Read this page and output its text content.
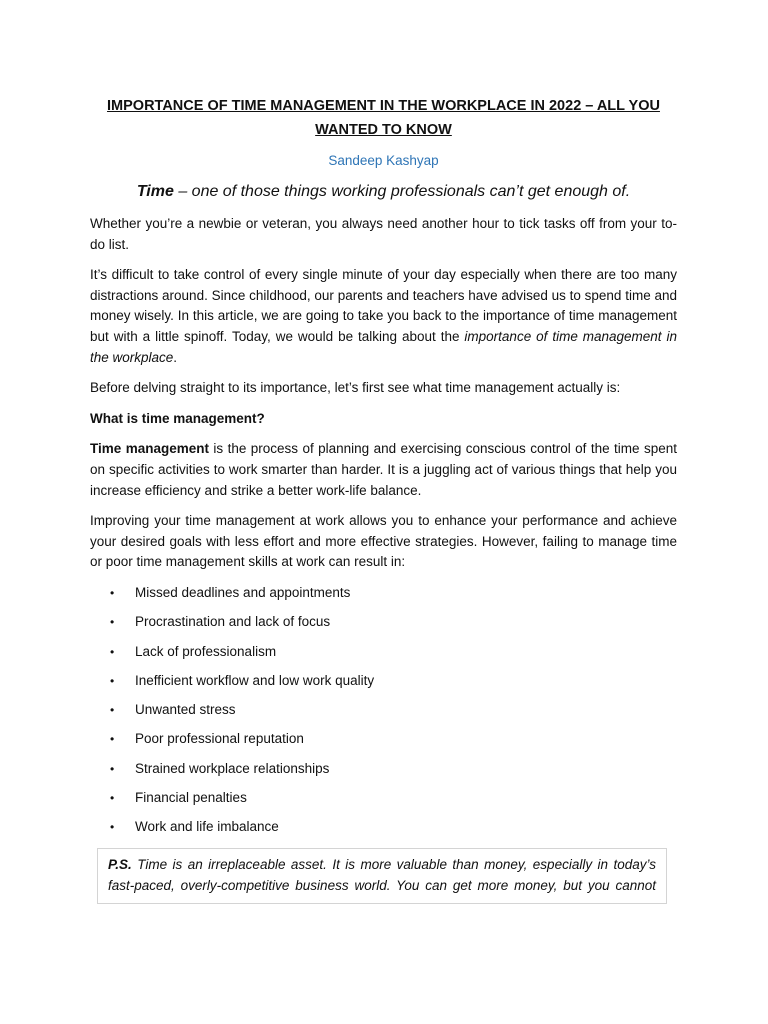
IMPORTANCE OF TIME MANAGEMENT IN THE WORKPLACE IN 2022 – ALL YOU WANTED TO KNOW
Sandeep Kashyap
Time – one of those things working professionals can’t get enough of.

Whether you’re a newbie or veteran, you always need another hour to tick tasks off from your to-do list.

It’s difficult to take control of every single minute of your day especially when there are too many distractions around. Since childhood, our parents and teachers have advised us to spend time and money wisely. In this article, we are going to take you back to the importance of time management but with a little spinoff. Today, we would be talking about the importance of time management in the workplace.

Before delving straight to its importance, let’s first see what time management actually is:

What is time management?

Time management is the process of planning and exercising conscious control of the time spent on specific activities to work smarter than harder. It is a juggling act of various things that help you increase efficiency and strike a better work-life balance.

Improving your time management at work allows you to enhance your performance and achieve your desired goals with less effort and more effective strategies. However, failing to manage time or poor time management skills at work can result in:

• Missed deadlines and appointments
• Procrastination and lack of focus
• Lack of professionalism
• Inefficient workflow and low work quality
• Unwanted stress
• Poor professional reputation
• Strained workplace relationships
• Financial penalties
• Work and life imbalance
P.S. Time is an irreplaceable asset. It is more valuable than money, especially in today’s
fast-paced, overly-competitive business world. You can get more money, but you cannot
